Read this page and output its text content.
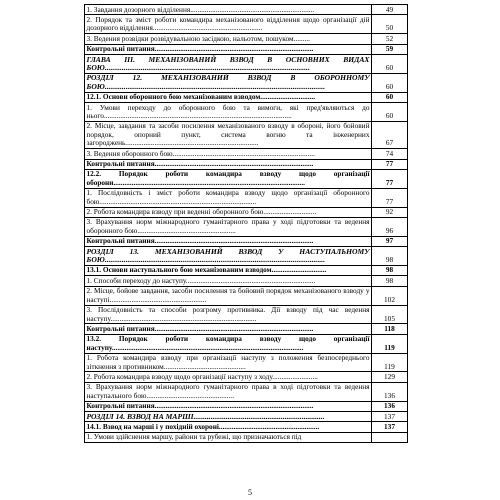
1. Завдання дозорного відділення....................................................................	49
2. Порядок та зміст роботи командира механізованого відділення щодо організації дій дозорного відділення............................................................	50
3. Ведення розвідки розвідувальною засідкою, нальотом, пошуком.........	52
Контрольні питання.......................................................................................	59
ГЛАВА ІІІ. МЕХАНІЗОВАНИЙ ВЗВОД В ОСНОВНИХ ВИДАХ БОЮ............................................................................................................	60
РОЗДІЛ 12. МЕХАНІЗОВАНИЙ ВЗВОД В ОБОРОННОМУ БОЮ....................................................................................................................	60
12.1. Основи оборонного бою механізованим взводом..............................	60
1. Умови переходу до оборонного бою та вимоги, які пред'являються до нього.......................................................................................................	60
2. Місце, завдання та засоби посилення механізованого взводу в обороні, його бойовий порядок, опорний пункт, система вогню та інженерних загороджень.........................................................................	67
3. Ведення оборонного бою..............................................................................	74
Контрольні питання.......................................................................................	77
12.2. Порядок роботи командира взводу щодо організації оборони.........................................................................................................	77
1. Послідовність і зміст роботи командира взводу щодо організації оборонного бою......................................................................................	77
2. Робота командира взводу при веденні оборонного бою.............................	92
3. Врахування норм міжнародного гуманітарного права у ході підготовки та ведення оборонного бою......................................................	96
Контрольні питання.......................................................................................	97
РОЗДІЛ 13. МЕХАНІЗОВАНИЙ ВЗВОД У НАСТУПАЛЬНОМУ БОЮ....................................................................................................................	98
13.1. Основи наступального бою механізованим взводом..............................	98
1. Способи переходу до наступу.......................................................................	98
2. Місце, бойове завдання, засоби посилення та бойовий порядок механізованого взводу у наступі.....................................................	102
3. Послідовність та способи розгрому противника. Дії взводу під час ведення наступу................................................................................	105
Контрольні питання.......................................................................................	118
13.2. Порядок роботи командира взводу щодо організації наступу.........................................................................................................	119
1. Робота командира взводу при організації наступу з положення безпосереднього зіткнення з противником.............................................	119
2. Робота командира взводу щодо організації наступу з ходу.........................	129
3. Врахування норм міжнародного гуманітарного права в ході підготовки та ведення наступального бою................................................	136
Контрольні питання.......................................................................................	136
РОЗДІЛ 14. ВЗВОД НА МАРШІ.....................................................................	137
14.1. Взвод на марші і у похідній охороні.......................................................	137
1. Умови здійснення маршу, райони та рубежі, що призначаються під	
5
